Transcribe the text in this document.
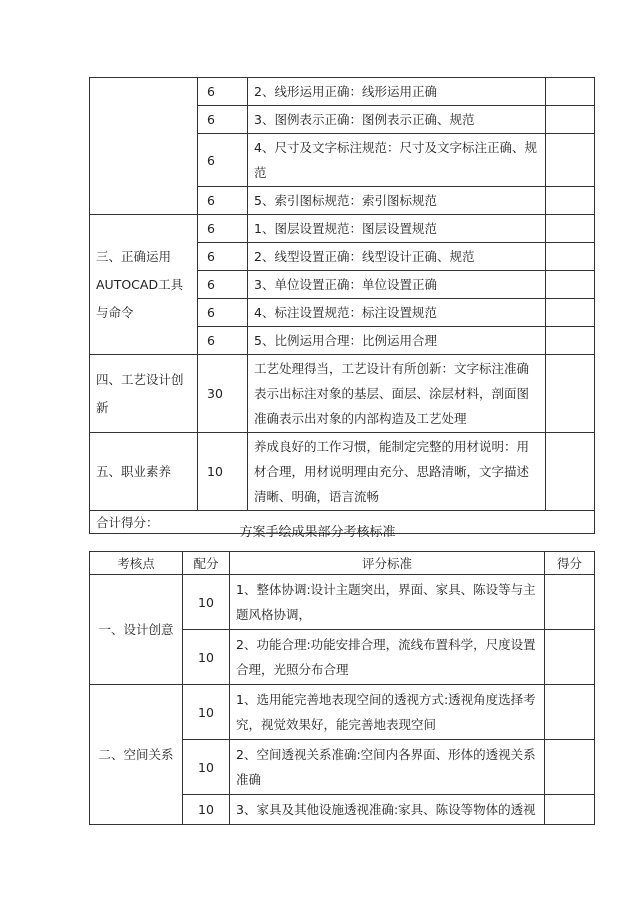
	6	2、线形运用正确：线形运用正确	
	6	3、图例表示正确：图例表示正确、规范	
	6	4、尺寸及文字标注规范：尺寸及文字标注正确、规范	
	6	5、索引图标规范：索引图标规范	
三、正确运用AUTOCAD工具与命令	6	1、图层设置规范：图层设置规范	
	6	2、线型设置正确：线型设计正确、规范	
	6	3、单位设置正确：单位设置正确	
	6	4、标注设置规范：标注设置规范	
	6	5、比例运用合理：比例运用合理	
四、工艺设计创新	30	工艺处理得当，工艺设计有所创新：文字标注准确表示出标注对象的基层、面层、涂层材料，剖面图准确表示出对象的内部构造及工艺处理	
五、职业素养	10	养成良好的工作习惯，能制定完整的用材说明：用材合理，用材说明理由充分、思路清晰，文字描述清晰、明确，语言流畅	
合计得分：			
方案手绘成果部分考核标准
考核点	配分	评分标准	得分
一、设计创意	10	1、整体协调:设计主题突出，界面、家具、陈设等与主题风格协调，	
	10	2、功能合理:功能安排合理，流线布置科学，尺度设置合理，光照分布合理	
二、空间关系	10	1、选用能完善地表现空间的透视方式:透视角度选择考究，视觉效果好，能完善地表现空间	
	10	2、空间透视关系准确:空间内各界面、形体的透视关系准确	
	10	3、家具及其他设施透视准确:家具、陈设等物体的透视	
